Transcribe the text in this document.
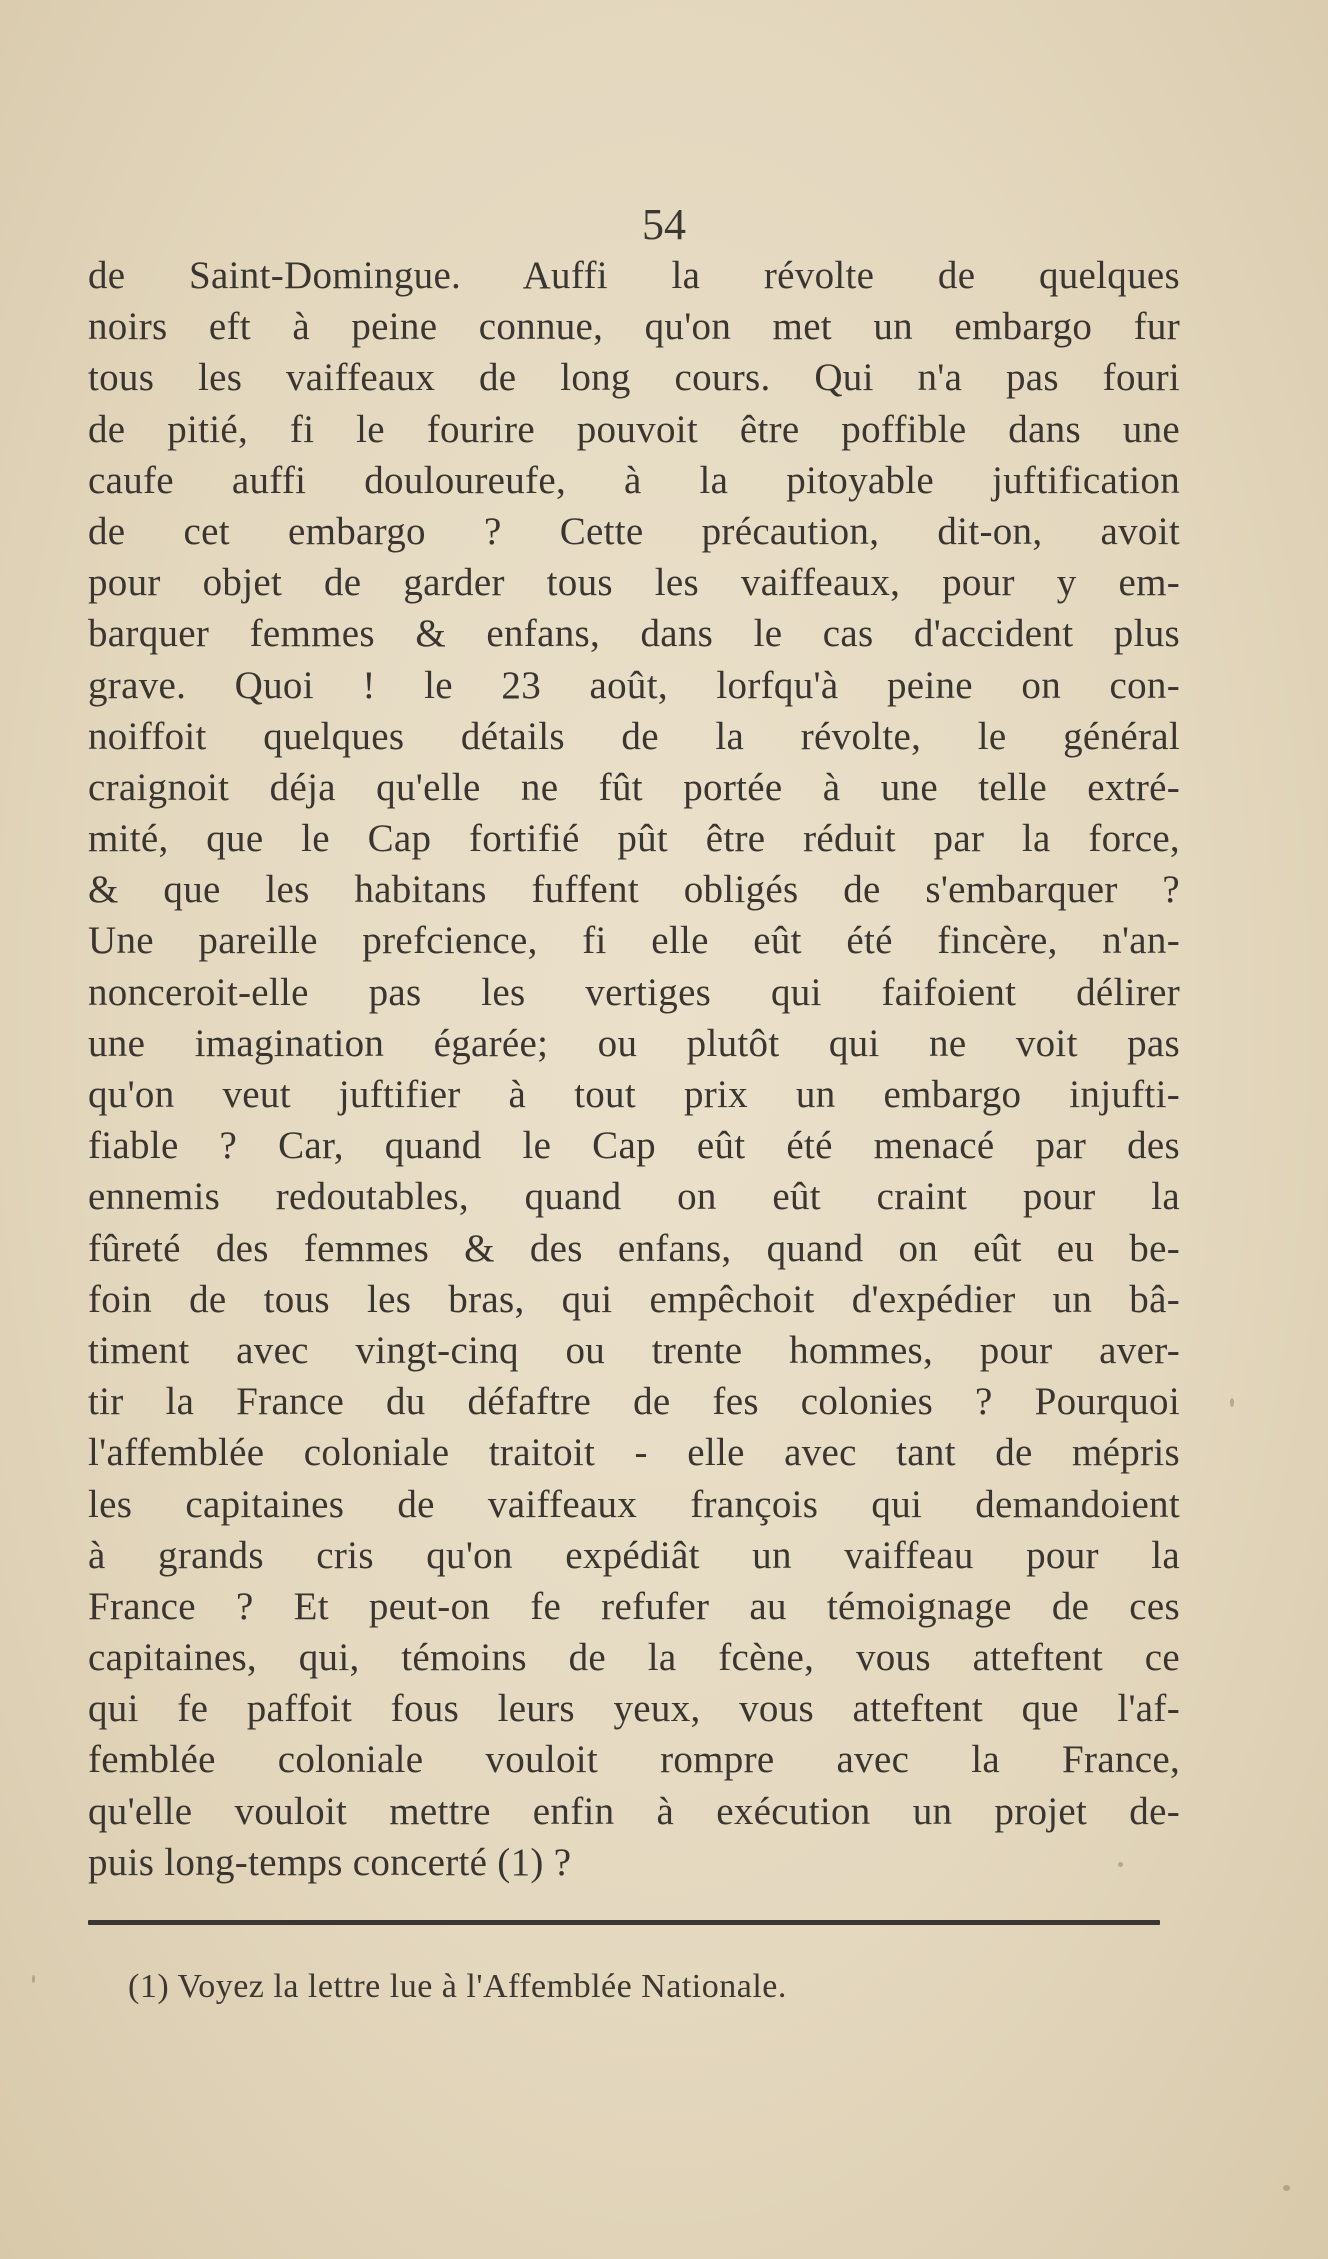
54
de Saint-Domingue. Auffi la révolte de quelques
noirs eft à peine connue, qu'on met un embargo fur
tous les vaiffeaux de long cours. Qui n'a pas fouri
de pitié, fi le fourire pouvoit être poffible dans une
caufe auffi douloureufe, à la pitoyable juftification
de cet embargo ? Cette précaution, dit-on, avoit
pour objet de garder tous les vaiffeaux, pour y em-
barquer femmes & enfans, dans le cas d'accident plus
grave. Quoi ! le 23 août, lorfqu'à peine on con-
noiffoit quelques détails de la révolte, le général
craignoit déja qu'elle ne fût portée à une telle extré-
mité, que le Cap fortifié pût être réduit par la force,
& que les habitans fuffent obligés de s'embarquer ?
Une pareille prefcience, fi elle eût été fincère, n'an-
nonceroit-elle pas les vertiges qui faifoient délirer
une imagination égarée; ou plutôt qui ne voit pas
qu'on veut juftifier à tout prix un embargo injufti-
fiable ? Car, quand le Cap eût été menacé par des
ennemis redoutables, quand on eût craint pour la
fûreté des femmes & des enfans, quand on eût eu be-
foin de tous les bras, qui empêchoit d'expédier un bâ-
timent avec vingt-cinq ou trente hommes, pour aver-
tir la France du défaftre de fes colonies ? Pourquoi
l'affemblée coloniale traitoit - elle avec tant de mépris
les capitaines de vaiffeaux françois qui demandoient
à grands cris qu'on expédiât un vaiffeau pour la
France ? Et peut-on fe refufer au témoignage de ces
capitaines, qui, témoins de la fcène, vous atteftent ce
qui fe paffoit fous leurs yeux, vous atteftent que l'af-
femblée coloniale vouloit rompre avec la France,
qu'elle vouloit mettre enfin à exécution un projet de-
puis long-temps concerté (1) ?
(1) Voyez la lettre lue à l'Affemblée Nationale.
